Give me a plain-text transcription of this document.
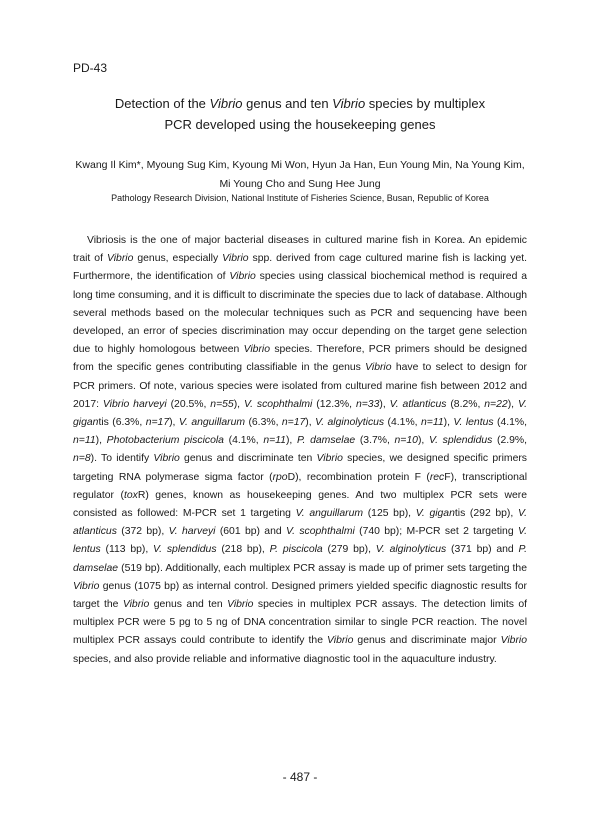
PD-43
Detection of the Vibrio genus and ten Vibrio species by multiplex
PCR developed using the housekeeping genes
Kwang Il Kim*, Myoung Sug Kim, Kyoung Mi Won, Hyun Ja Han, Eun Young Min, Na Young Kim,
Mi Young Cho and Sung Hee Jung
Pathology Research Division, National Institute of Fisheries Science, Busan, Republic of Korea

Vibriosis is the one of major bacterial diseases in cultured marine fish in Korea. An epidemic trait of Vibrio genus, especially Vibrio spp. derived from cage cultured marine fish is lacking yet. Furthermore, the identification of Vibrio species using classical biochemical method is required a long time consuming, and it is difficult to discriminate the species due to lack of database. Although several methods based on the molecular techniques such as PCR and sequencing have been developed, an error of species discrimination may occur depending on the target gene selection due to highly homologous between Vibrio species. Therefore, PCR primers should be designed from the specific genes contributing classifiable in the genus Vibrio have to select to design for PCR primers. Of note, various species were isolated from cultured marine fish between 2012 and 2017: Vibrio harveyi (20.5%, n=55), V. scophthalmi (12.3%, n=33), V. atlanticus (8.2%, n=22), V. gigantis (6.3%, n=17), V. anguillarum (6.3%, n=17), V. alginolyticus (4.1%, n=11), V. lentus (4.1%, n=11), Photobacterium piscicola (4.1%, n=11), P. damselae (3.7%, n=10), V. splendidus (2.9%, n=8). To identify Vibrio genus and discriminate ten Vibrio species, we designed specific primers targeting RNA polymerase sigma factor (rpoD), recombination protein F (recF), transcriptional regulator (toxR) genes, known as housekeeping genes. And two multiplex PCR sets were consisted as followed: M-PCR set 1 targeting V. anguillarum (125 bp), V. gigantis (292 bp), V. atlanticus (372 bp), V. harveyi (601 bp) and V. scophthalmi (740 bp); M-PCR set 2 targeting V. lentus (113 bp), V. splendidus (218 bp), P. piscicola (279 bp), V. alginolyticus (371 bp) and P. damselae (519 bp). Additionally, each multiplex PCR assay is made up of primer sets targeting the Vibrio genus (1075 bp) as internal control. Designed primers yielded specific diagnostic results for target the Vibrio genus and ten Vibrio species in multiplex PCR assays. The detection limits of multiplex PCR were 5 pg to 5 ng of DNA concentration similar to single PCR reaction. The novel multiplex PCR assays could contribute to identify the Vibrio genus and discriminate major Vibrio species, and also provide reliable and informative diagnostic tool in the aquaculture industry.

- 487 -
